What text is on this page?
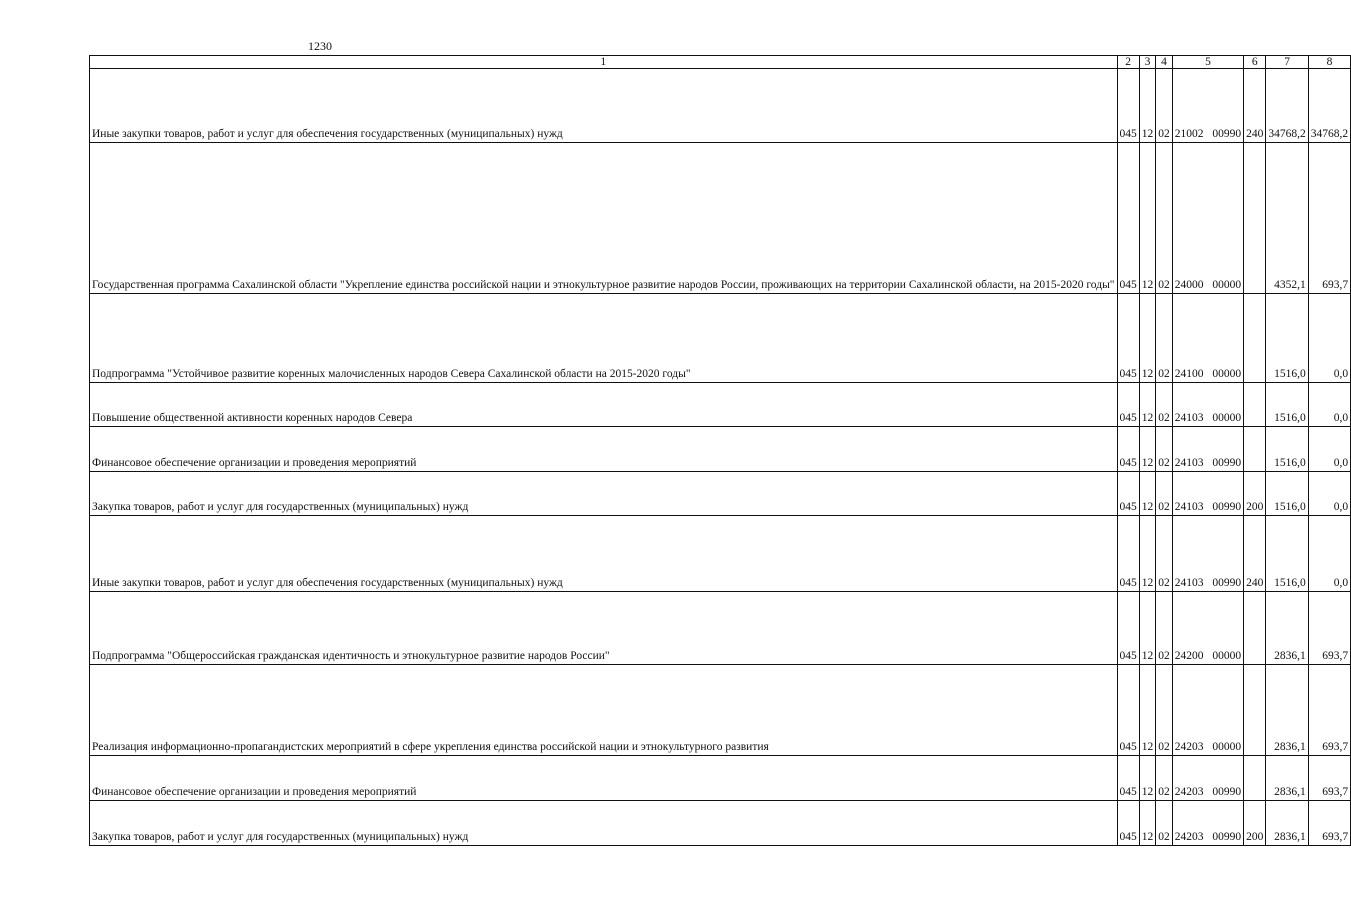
1230
1	2	3	4	5	6	7	8
Иные закупки товаров, работ и услуг для обеспечения государственных (муниципальных) нужд	045	12	02	21002 00990	240	34768,2	34768,2
Государственная программа Сахалинской области "Укрепление единства российской нации и этнокультурное развитие народов России, проживающих на территории Сахалинской области, на 2015-2020 годы"	045	12	02	24000 00000		4352,1	693,7
Подпрограмма "Устойчивое развитие коренных малочисленных народов Севера Сахалинской области на 2015-2020 годы"	045	12	02	24100 00000		1516,0	0,0
Повышение общественной активности коренных народов Севера	045	12	02	24103 00000		1516,0	0,0
Финансовое обеспечение организации и проведения мероприятий	045	12	02	24103 00990		1516,0	0,0
Закупка товаров, работ и услуг для государственных (муниципальных) нужд	045	12	02	24103 00990	200	1516,0	0,0
Иные закупки товаров, работ и услуг для обеспечения государственных (муниципальных) нужд	045	12	02	24103 00990	240	1516,0	0,0
Подпрограмма "Общероссийская гражданская идентичность и этнокультурное развитие народов России"	045	12	02	24200 00000		2836,1	693,7
Реализация информационно-пропагандистских мероприятий в сфере укрепления единства российской нации и этнокультурного развития	045	12	02	24203 00000		2836,1	693,7
Финансовое обеспечение организации и проведения мероприятий	045	12	02	24203 00990		2836,1	693,7
Закупка товаров, работ и услуг для государственных (муниципальных) нужд	045	12	02	24203 00990	200	2836,1	693,7
